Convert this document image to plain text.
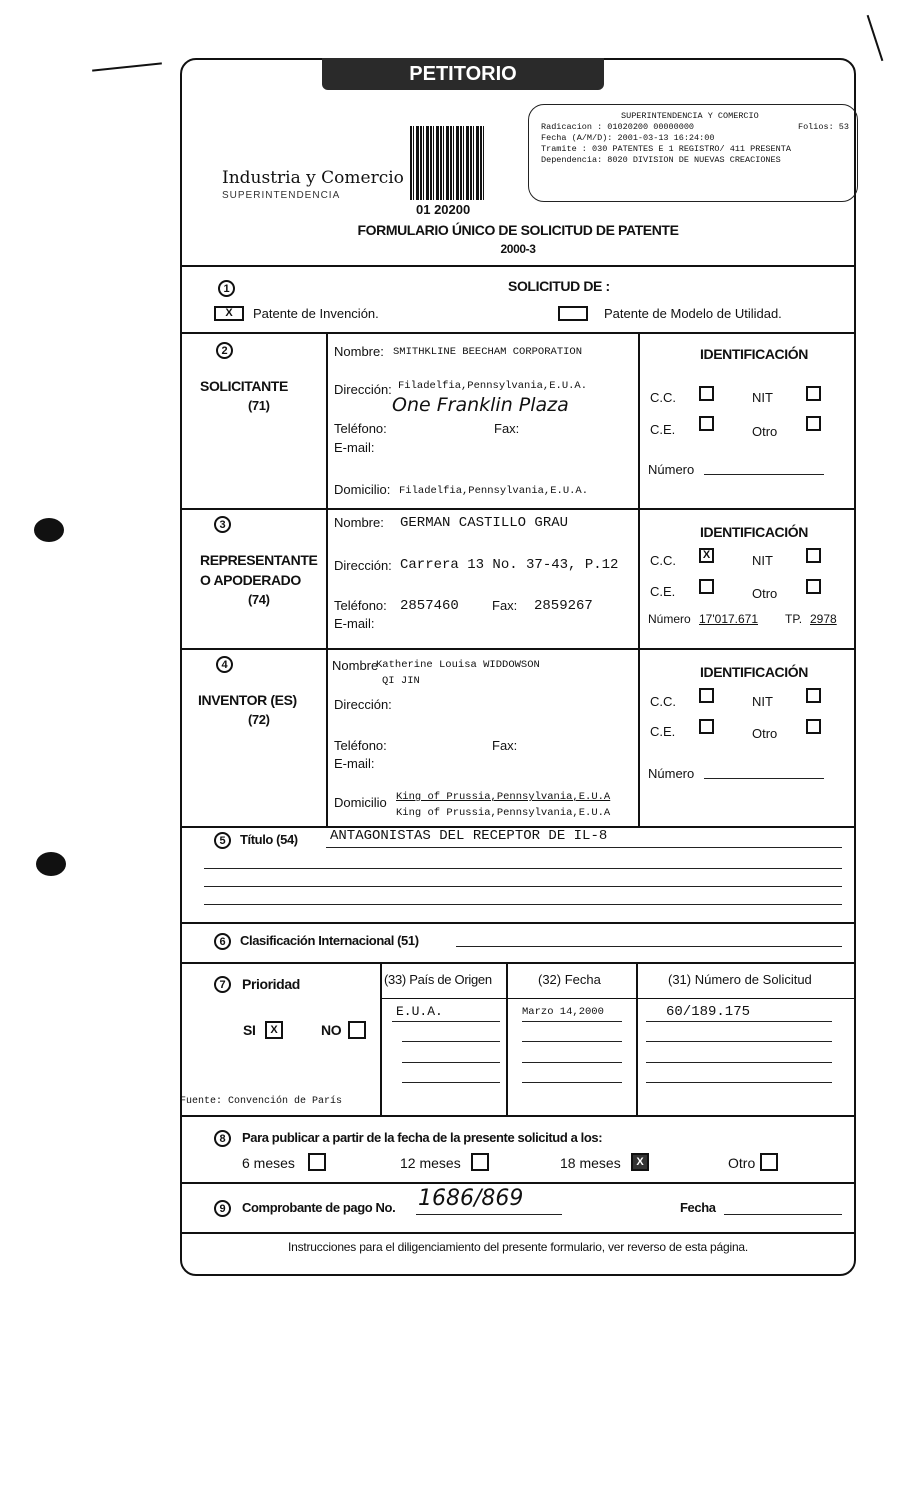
PETITORIO
Industria y Comercio
SUPERINTENDENCIA
01 20200
SUPERINTENDENCIA Y COMERCIO
Radicacion : 01020200 00000000	Folios: 53
Fecha (A/M/D): 2001-03-13 16:24:00
Tramite : 030 PATENTES E 1 REGISTRO/ 411 PRESENTA
Dependencia: 8020 DIVISION DE NUEVAS CREACIONES
FORMULARIO ÚNICO DE SOLICITUD DE PATENTE
2000-3
1	SOLICITUD DE :
X	Patente de Invención.	Patente de Modelo de Utilidad.
2
SOLICITANTE
(71)
Nombre: SMITHKLINE BEECHAM CORPORATION
Dirección: Filadelfia,Pennsylvania,E.U.A.
One Franklin Plaza
Teléfono:	Fax:
E-mail:
Domicilio: Filadelfia,Pennsylvania,E.U.A.
IDENTIFICACIÓN
C.C.	NIT
C.E.	Otro
Número
3
REPRESENTANTE
O APODERADO
(74)
Nombre: GERMAN CASTILLO GRAU
Dirección: Carrera 13 No. 37-43, P.12
Teléfono: 2857460	Fax: 2859267
E-mail:
IDENTIFICACIÓN
C.C.	X	NIT
C.E.	Otro
Número 17'017.671 TP. 2978
4
INVENTOR (ES)
(72)
Nombre
Katherine Louisa WIDDOWSON
QI JIN
Dirección:
Teléfono:	Fax:
E-mail:
Domicilio King of Prussia,Pennsylvania,E.U.A
King of Prussia,Pennsylvania,E.U.A
IDENTIFICACIÓN
C.C.	NIT
C.E.	Otro
Número
5	Título (54) ANTAGONISTAS DEL RECEPTOR DE IL-8
6	Clasificación Internacional (51)
7	Prioridad
SI	X	NO
Fuente: Convención de París
(33) País de Origen	(32) Fecha	(31) Número de Solicitud
E.U.A.	Marzo 14,2000	60/189.175
8	Para publicar a partir de la fecha de la presente solicitud a los:
6 meses	12 meses	18 meses	X	Otro
9	Comprobante de pago No. 1686/869	Fecha
Instrucciones para el diligenciamiento del presente formulario, ver reverso de esta página.
